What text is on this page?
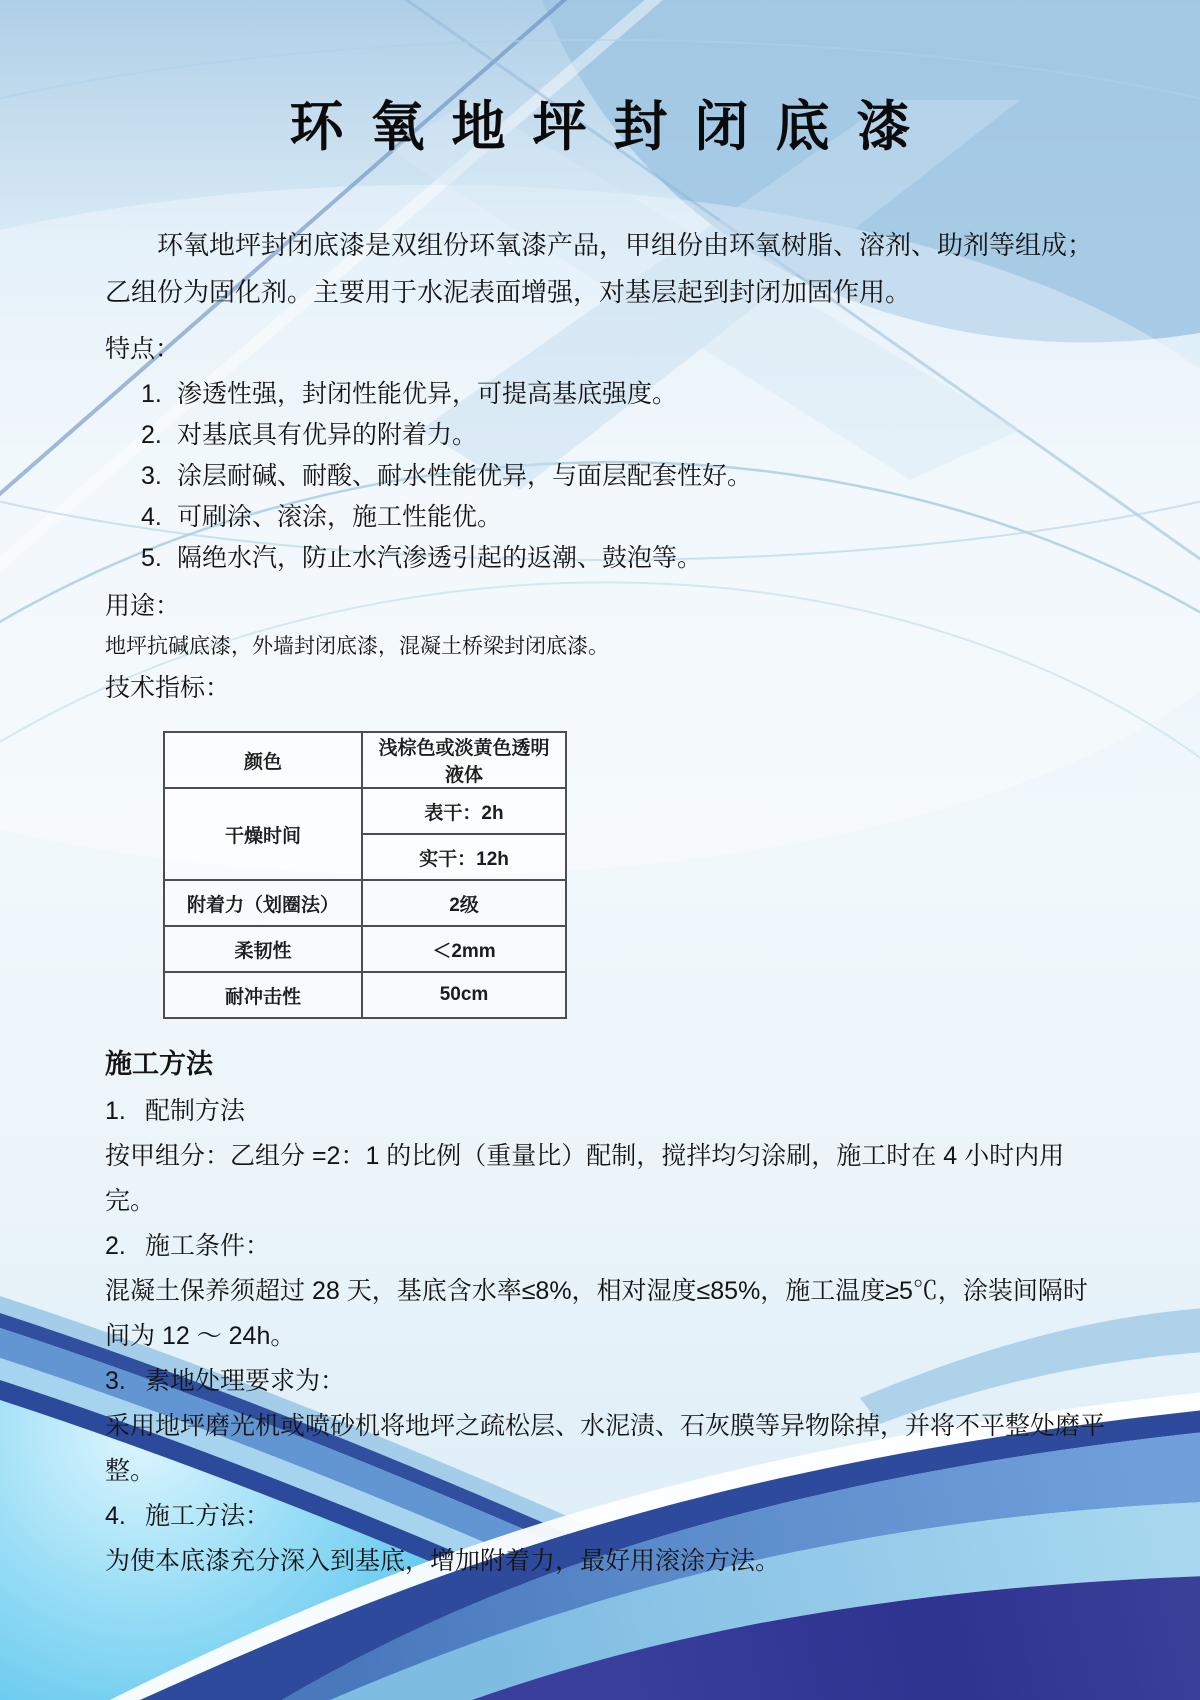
环氧地坪封闭底漆

环氧地坪封闭底漆是双组份环氧漆产品，甲组份由环氧树脂、溶剂、助剂等组成；乙组份为固化剂。主要用于水泥表面增强，对基层起到封闭加固作用。

特点：
1. 渗透性强，封闭性能优异，可提高基底强度。
2. 对基底具有优异的附着力。
3. 涂层耐碱、耐酸、耐水性能优异，与面层配套性好。
4. 可刷涂、滚涂，施工性能优。
5. 隔绝水汽，防止水汽渗透引起的返潮、鼓泡等。
用途：

地坪抗碱底漆，外墙封闭底漆，混凝土桥梁封闭底漆。

技术指标：
颜色	浅棕色或淡黄色透明液体
干燥时间	表干：2h
	实干：12h
附着力（划圈法）	2级
柔韧性	＜2mm
耐冲击性	50cm
施工方法
1. 配制方法

按甲组分：乙组分 =2：1 的比例（重量比）配制，搅拌均匀涂刷，施工时在 4 小时内用完。

2. 施工条件：

混凝土保养须超过 28 天，基底含水率≤8%，相对湿度≤85%，施工温度≥5℃，涂装间隔时间为 12 ～ 24h。

3. 素地处理要求为：

采用地坪磨光机或喷砂机将地坪之疏松层、水泥渍、石灰膜等异物除掉，并将不平整处磨平整。

4. 施工方法：

为使本底漆充分深入到基底，增加附着力，最好用滚涂方法。
